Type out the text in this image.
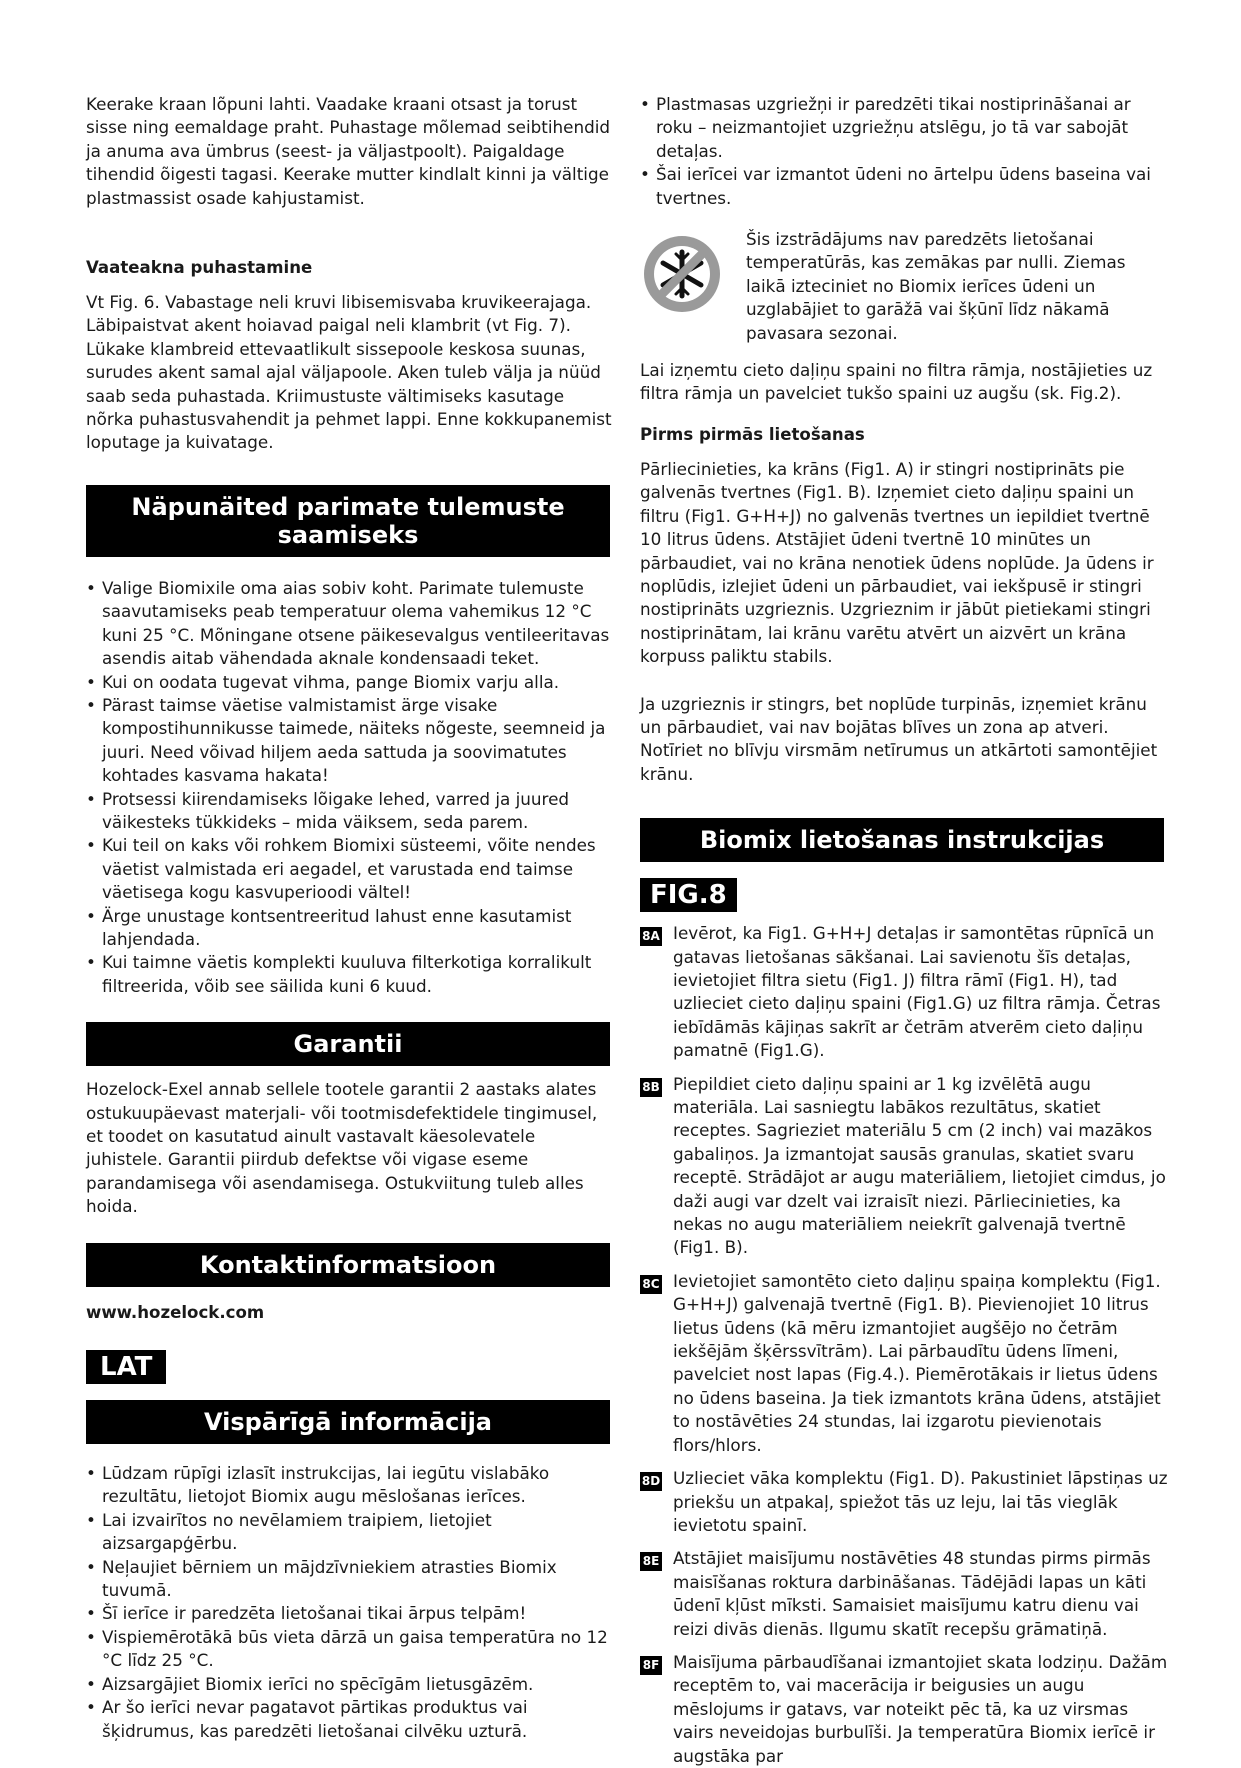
Keerake kraan lõpuni lahti. Vaadake kraani otsast ja torust sisse ning eemaldage praht. Puhastage mõlemad seibtihendid ja anuma ava ümbrus (seest- ja väljastpoolt). Paigaldage tihendid õigesti tagasi. Keerake mutter kindlalt kinni ja vältige plastmassist osade kahjustamist.

Vaateakna puhastamine

Vt Fig. 6. Vabastage neli kruvi libisemisvaba kruvikeerajaga. Läbipaistvat akent hoiavad paigal neli klambrit (vt Fig. 7). Lükake klambreid ettevaatlikult sissepoole keskosa suunas, surudes akent samal ajal väljapoole. Aken tuleb välja ja nüüd saab seda puhastada. Kriimustuste vältimiseks kasutage nõrka puhastusvahendit ja pehmet lappi. Enne kokkupanemist loputage ja kuivatage.

Näpunäited parimate tulemuste saamiseks
• Valige Biomixile oma aias sobiv koht. Parimate tulemuste saavutamiseks peab temperatuur olema vahemikus 12 °C kuni 25 °C. Mõningane otsene päikesevalgus ventileeritavas asendis aitab vähendada aknale kondensaadi teket.
• Kui on oodata tugevat vihma, pange Biomix varju alla.
• Pärast taimse väetise valmistamist ärge visake kompostihunnikusse taimede, näiteks nõgeste, seemneid ja juuri. Need võivad hiljem aeda sattuda ja soovimatutes kohtades kasvama hakata!
• Protsessi kiirendamiseks lõigake lehed, varred ja juured väikesteks tükkideks – mida väiksem, seda parem.
• Kui teil on kaks või rohkem Biomixi süsteemi, võite nendes väetist valmistada eri aegadel, et varustada end taimse väetisega kogu kasvuperioodi vältel!
• Ärge unustage kontsentreeritud lahust enne kasutamist lahjendada.
• Kui taimne väetis komplekti kuuluva filterkotiga korralikult filtreerida, võib see säilida kuni 6 kuud.
Garantii

Hozelock-Exel annab sellele tootele garantii 2 aastaks alates ostukuupäevast materjali- või tootmisdefektidele tingimusel, et toodet on kasutatud ainult vastavalt käesolevatele juhistele. Garantii piirdub defektse või vigase eseme parandamisega või asendamisega. Ostukviitung tuleb alles hoida.

Kontaktinformatsioon

www.hozelock.com

LAT
Vispārīgā informācija
• Lūdzam rūpīgi izlasīt instrukcijas, lai iegūtu vislabāko rezultātu, lietojot Biomix augu mēslošanas ierīces.
• Lai izvairītos no nevēlamiem traipiem, lietojiet aizsargapģērbu.
• Neļaujiet bērniem un mājdzīvniekiem atrasties Biomix tuvumā.
• Šī ierīce ir paredzēta lietošanai tikai ārpus telpām!
• Vispiemērotākā būs vieta dārzā un gaisa temperatūra no 12 °C līdz 25 °C.
• Aizsargājiet Biomix ierīci no spēcīgām lietusgāzēm.
• Ar šo ierīci nevar pagatavot pārtikas produktus vai šķidrumus, kas paredzēti lietošanai cilvēku uzturā.
• Plastmasas uzgriežņi ir paredzēti tikai nostiprināšanai ar roku – neizmantojiet uzgriežņu atslēgu, jo tā var sabojāt detaļas.
• Šai ierīcei var izmantot ūdeni no ārtelpu ūdens baseina vai tvertnes.

Šis izstrādājums nav paredzēts lietošanai temperatūrās, kas zemākas par nulli. Ziemas laikā izteciniet no Biomix ierīces ūdeni un uzglabājiet to garāžā vai šķūnī līdz nākamā pavasara sezonai.

Lai izņemtu cieto daļiņu spaini no filtra rāmja, nostājieties uz filtra rāmja un pavelciet tukšo spaini uz augšu (sk. Fig.2).

Pirms pirmās lietošanas

Pārliecinieties, ka krāns (Fig1. A) ir stingri nostiprināts pie galvenās tvertnes (Fig1. B). Izņemiet cieto daļiņu spaini un filtru (Fig1. G+H+J) no galvenās tvertnes un iepildiet tvertnē 10 litrus ūdens. Atstājiet ūdeni tvertnē 10 minūtes un pārbaudiet, vai no krāna nenotiek ūdens noplūde. Ja ūdens ir noplūdis, izlejiet ūdeni un pārbaudiet, vai iekšpusē ir stingri nostiprināts uzgrieznis. Uzgrieznim ir jābūt pietiekami stingri nostiprinātam, lai krānu varētu atvērt un aizvērt un krāna korpuss paliktu stabils.

Ja uzgrieznis ir stingrs, bet noplūde turpinās, izņemiet krānu un pārbaudiet, vai nav bojātas blīves un zona ap atveri. Notīriet no blīvju virsmām netīrumus un atkārtoti samontējiet krānu.

Biomix lietošanas instrukcijas
FIG.8
8A Ievērot, ka Fig1. G+H+J detaļas ir samontētas rūpnīcā un gatavas lietošanas sākšanai. Lai savienotu šīs detaļas, ievietojiet filtra sietu (Fig1. J) filtra rāmī (Fig1. H), tad uzlieciet cieto daļiņu spaini (Fig1.G) uz filtra rāmja. Četras iebīdāmās kājiņas sakrīt ar četrām atverēm cieto daļiņu pamatnē (Fig1.G).

8B Piepildiet cieto daļiņu spaini ar 1 kg izvēlētā augu materiāla. Lai sasniegtu labākos rezultātus, skatiet receptes. Sagrieziet materiālu 5 cm (2 inch) vai mazākos gabaliņos. Ja izmantojat sausās granulas, skatiet svaru receptē. Strādājot ar augu materiāliem, lietojiet cimdus, jo daži augi var dzelt vai izraisīt niezi. Pārliecinieties, ka nekas no augu materiāliem neiekrīt galvenajā tvertnē (Fig1. B).

8C Ievietojiet samontēto cieto daļiņu spaiņa komplektu (Fig1. G+H+J) galvenajā tvertnē (Fig1. B). Pievienojiet 10 litrus lietus ūdens (kā mēru izmantojiet augšējo no četrām iekšējām šķērssvītrām). Lai pārbaudītu ūdens līmeni, pavelciet nost lapas (Fig.4.). Piemērotākais ir lietus ūdens no ūdens baseina. Ja tiek izmantots krāna ūdens, atstājiet to nostāvēties 24 stundas, lai izgarotu pievienotais flors/hlors.

8D Uzlieciet vāka komplektu (Fig1. D). Pakustiniet lāpstiņas uz priekšu un atpakaļ, spiežot tās uz leju, lai tās vieglāk ievietotu spainī.

8E Atstājiet maisījumu nostāvēties 48 stundas pirms pirmās maisīšanas roktura darbināšanas. Tādējādi lapas un kāti ūdenī kļūst mīksti. Samaisiet maisījumu katru dienu vai reizi divās dienās. Ilgumu skatīt recepšu grāmatiņā.

8F Maisījuma pārbaudīšanai izmantojiet skata lodziņu. Dažām receptēm to, vai macerācija ir beigusies un augu mēslojums ir gatavs, var noteikt pēc tā, ka uz virsmas vairs neveidojas burbulīši. Ja temperatūra Biomix ierīcē ir augstāka par
